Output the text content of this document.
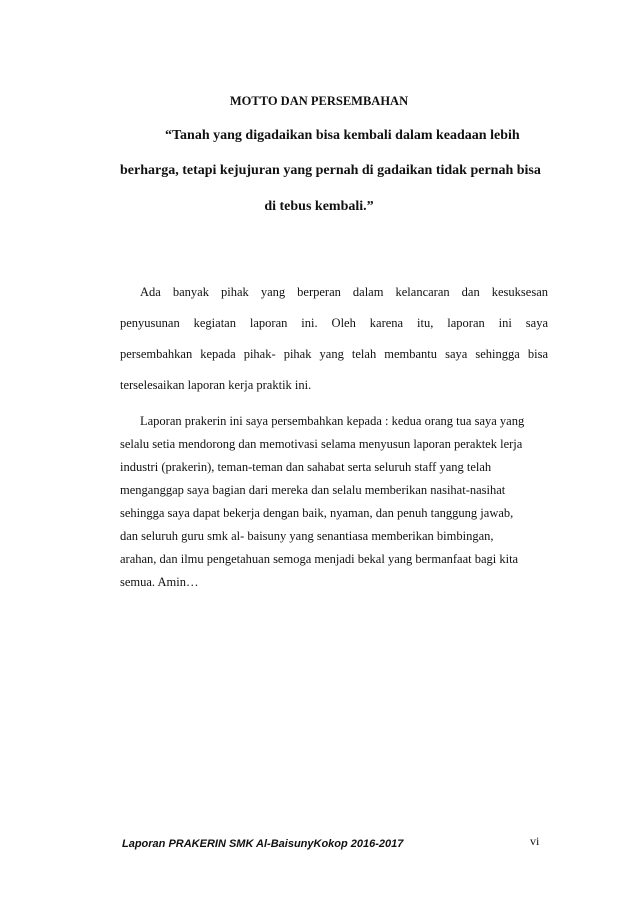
MOTTO DAN PERSEMBAHAN
“Tanah yang digadaikan bisa kembali dalam keadaan lebih
berharga, tetapi kejujuran yang pernah di gadaikan tidak pernah bisa
di tebus kembali.”
Ada banyak pihak yang berperan dalam kelancaran dan kesuksesan
penyusunan kegiatan laporan ini. Oleh karena itu, laporan ini saya
persembahkan kepada pihak- pihak yang telah membantu saya sehingga bisa
terselesaikan laporan kerja praktik ini.
Laporan prakerin ini saya persembahkan kepada : kedua orang tua saya yang
selalu setia mendorong dan memotivasi selama menyusun laporan peraktek lerja
industri (prakerin), teman-teman dan sahabat serta seluruh staff yang telah
menganggap saya bagian dari mereka dan selalu memberikan nasihat-nasihat
sehingga saya dapat bekerja dengan baik, nyaman, dan penuh tanggung jawab,
dan seluruh guru smk al- baisuny yang senantiasa memberikan bimbingan,
arahan, dan ilmu pengetahuan semoga menjadi bekal yang bermanfaat bagi kita
semua. Amin…
Laporan PRAKERIN SMK Al-BaisunyKokop 2016-2017	vi
